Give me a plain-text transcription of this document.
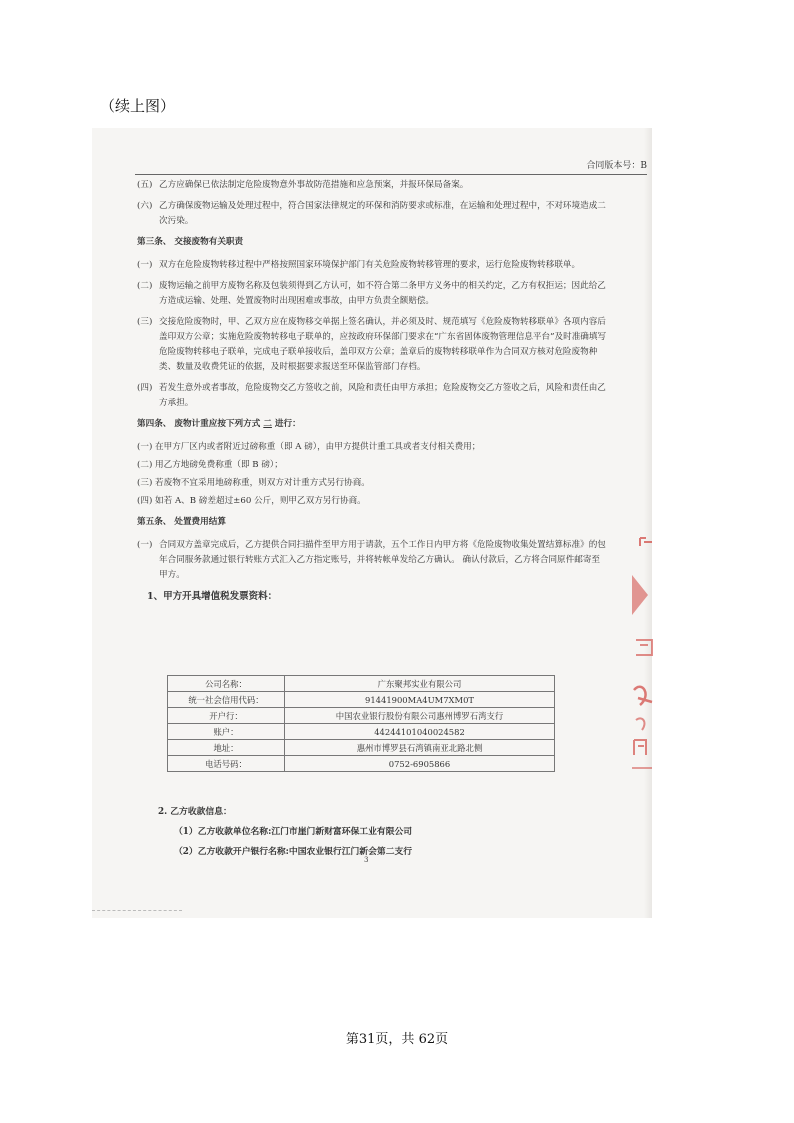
（续上图）
合同版本号：B
(五) 乙方应确保已依法制定危险废物意外事故防范措施和应急预案，并报环保局备案。
(六) 乙方确保废物运输及处理过程中，符合国家法律规定的环保和消防要求或标准，在运输和处理过程中，不对环境造成二次污染。
第三条、 交接废物有关职责
(一) 双方在危险废物转移过程中严格按照国家环境保护部门有关危险废物转移管理的要求，运行危险废物转移联单。
(二) 废物运输之前甲方废物名称及包装须得到乙方认可，如不符合第二条甲方义务中的相关约定，乙方有权拒运；因此给乙方造成运输、处理、处置废物时出现困难或事故，由甲方负责全额赔偿。
(三) 交接危险废物时，甲、乙双方应在废物移交单据上签名确认，并必须及时、规范填写《危险废物转移联单》各项内容后盖印双方公章；实施危险废物转移电子联单的，应按政府环保部门要求在“广东省固体废物管理信息平台”及时准确填写危险废物转移电子联单，完成电子联单接收后，盖印双方公章；盖章后的废物转移联单作为合同双方核对危险废物种类、数量及收费凭证的依据，及时根据要求报送至环保监管部门存档。
(四) 若发生意外或者事故，危险废物交乙方签收之前，风险和责任由甲方承担；危险废物交乙方签收之后，风险和责任由乙方承担。
第四条、 废物计重应按下列方式 二 进行：
(一) 在甲方厂区内或者附近过磅称重（即 A 磅），由甲方提供计重工具或者支付相关费用；
(二) 用乙方地磅免费称重（即 B 磅）；
(三) 若废物不宜采用地磅称重，则双方对计重方式另行协商。
(四) 如若 A、B 磅差超过±60 公斤，则甲乙双方另行协商。
第五条、 处置费用结算
(一) 合同双方盖章完成后，乙方提供合同扫描件至甲方用于请款，五个工作日内甲方将《危险废物收集处置结算标准》的包年合同服务款通过银行转账方式汇入乙方指定账号，并将转帐单发给乙方确认。 确认付款后，乙方将合同原件邮寄至甲方。
1、甲方开具增值税发票资料：
公司名称：	广东聚邦实业有限公司
统一社会信用代码：	91441900MA4UM7XM0T
开户行：	中国农业银行股份有限公司惠州博罗石湾支行
账户：	44244101040024582
地址：	惠州市博罗县石湾镇南亚北路北侧
电话号码：	0752-6905866
2. 乙方收款信息：
（1）乙方收款单位名称:江门市崖门新财富环保工业有限公司
（2）乙方收款开户银行名称:中国农业银行江门新会第二支行
3
第31页，共 62页
